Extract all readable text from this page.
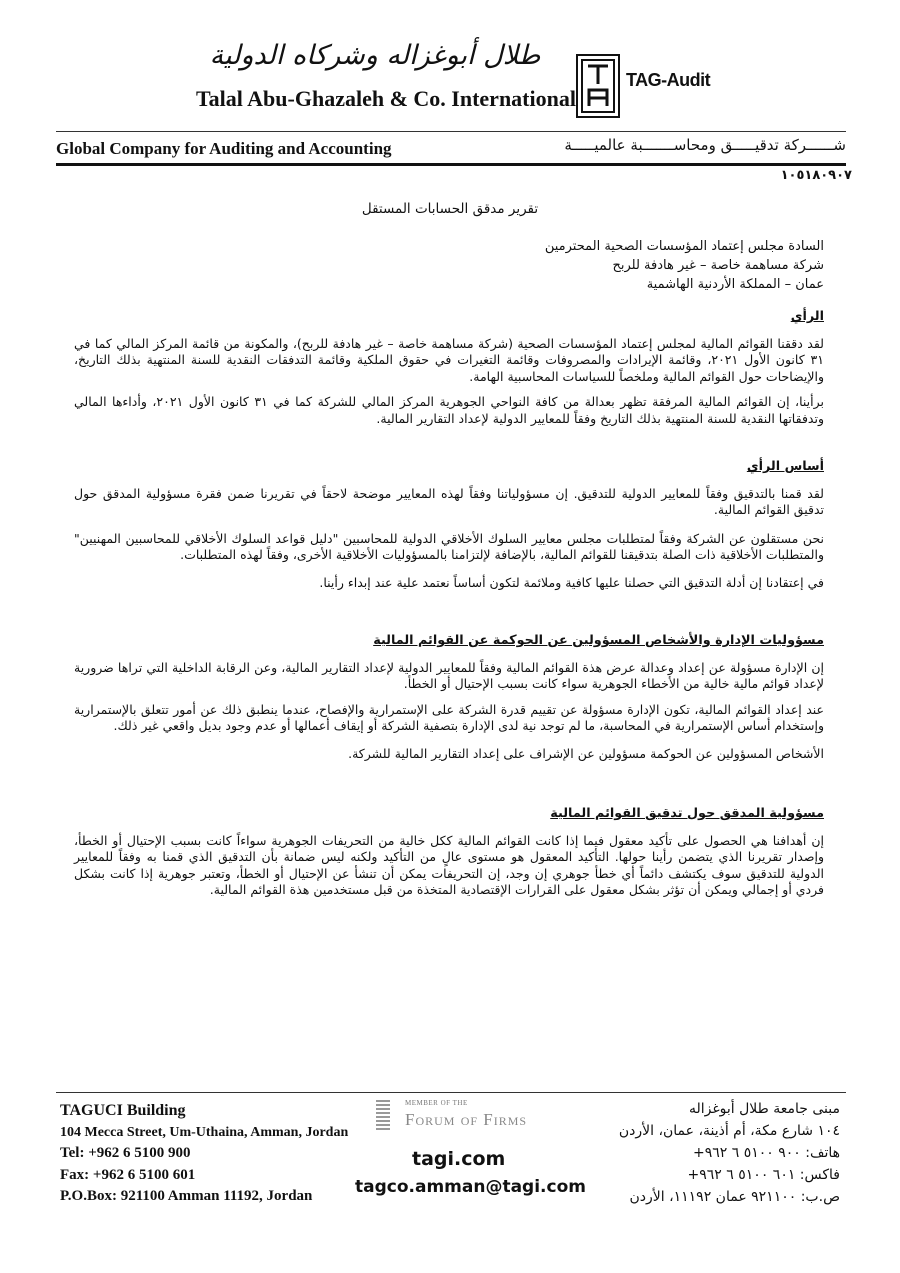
طلال أبوغزاله وشركاه الدولية
Talal Abu-Ghazaleh & Co. International
TAG-Audit
Global Company for Auditing and Accounting	شــــــركة تدقيـــــق ومحاســـــــبة عالميـــــة
١٠٥١٨٠٩٠٧
تقرير مدقق الحسابات المستقل
السادة مجلس إعتماد المؤسسات الصحية المحترمين
شركة مساهمة خاصة – غير هادفة للربح
عمان – المملكة الأردنية الهاشمية
الرأي

لقد دققنا القوائم المالية لمجلس إعتماد المؤسسات الصحية (شركة مساهمة خاصة – غير هادفة للربح)، والمكونة من قائمة المركز المالي كما في ٣١ كانون الأول ٢٠٢١، وقائمة الإيرادات والمصروفات وقائمة التغيرات في حقوق الملكية وقائمة التدفقات النقدية للسنة المنتهية بذلك التاريخ، والإيضاحات حول القوائم المالية وملخصاً للسياسات المحاسبية الهامة.

برأينا، إن القوائم المالية المرفقة تظهر بعدالة من كافة النواحي الجوهرية المركز المالي للشركة كما في ٣١ كانون الأول ٢٠٢١، وأداءها المالي وتدفقاتها النقدية للسنة المنتهية بذلك التاريخ وفقاً للمعايير الدولية لإعداد التقارير المالية.

أساس الرأي

لقد قمنا بالتدقيق وفقاً للمعايير الدولية للتدقيق. إن مسؤولياتنا وفقاً لهذه المعايير موضحة لاحقاً في تقريرنا ضمن فقرة مسؤولية المدقق حول تدقيق القوائم المالية.

نحن مستقلون عن الشركة وفقاً لمتطلبات مجلس معايير السلوك الأخلاقي الدولية للمحاسبين "دليل قواعد السلوك الأخلاقي للمحاسبين المهنيين" والمتطلبات الأخلاقية ذات الصلة بتدقيقنا للقوائم المالية، بالإضافة لإلتزامنا بالمسؤوليات الأخلاقية الأخرى، وفقاً لهذه المتطلبات.

في إعتقادنا إن أدلة التدقيق التي حصلنا عليها كافية وملائمة لتكون أساساً نعتمد علية عند إبداء رأينا.

مسؤوليات الإدارة والأشخاص المسؤولين عن الحوكمة عن القوائم المالية

إن الإدارة مسؤولة عن إعداد وعدالة عرض هذة القوائم المالية وفقاً للمعايير الدولية لإعداد التقارير المالية، وعن الرقابة الداخلية التي تراها ضرورية لإعداد قوائم مالية خالية من الأخطاء الجوهرية سواء كانت بسبب الإحتيال أو الخطأ.

عند إعداد القوائم المالية، تكون الإدارة مسؤولة عن تقييم قدرة الشركة على الإستمرارية والإفصاح، عندما ينطبق ذلك عن أمور تتعلق بالإستمرارية وإستخدام أساس الإستمرارية في المحاسبة، ما لم توجد نية لدى الإدارة بتصفية الشركة أو إيقاف أعمالها أو عدم وجود بديل واقعي غير ذلك.

الأشخاص المسؤولين عن الحوكمة مسؤولين عن الإشراف على إعداد التقارير المالية للشركة.

مسؤولية المدقق حول تدقيق القوائم المالية

إن أهدافنا هي الحصول على تأكيد معقول فيما إذا كانت القوائم المالية ككل خالية من التحريفات الجوهرية سواءاً كانت بسبب الإحتيال أو الخطأ، وإصدار تقريرنا الذي يتضمن رأينا حولها. التأكيد المعقول هو مستوى عالٍ من التأكيد ولكنه ليس ضمانة بأن التدقيق الذي قمنا به وفقاً للمعايير الدولية للتدقيق سوف يكتشف دائماً أي خطأ جوهري إن وجد، إن التحريفات يمكن أن تنشأ عن الإحتيال أو الخطأ، وتعتبر جوهرية إذا كانت بشكل فردي أو إجمالي ويمكن أن تؤثر بشكل معقول على القرارات الإقتصادية المتخذة من قبل مستخدمين هذة القوائم المالية.

TAGUCI Building
104 Mecca Street, Um-Uthaina, Amman, Jordan
Tel: +962 6 5100 900
Fax: +962 6 5100 601
P.O.Box: 921100 Amman 11192, Jordan
MEMBER OF THE
Forum of Firms
tagi.com
tagco.amman@tagi.com
مبنى جامعة طلال أبوغزاله
١٠٤ شارع مكة، أم أذينة، عمان، الأردن
هاتف: ٩٠٠ ٥١٠٠ ٦ ٩٦٢+
فاكس: ٦٠١ ٥١٠٠ ٦ ٩٦٢+
ص.ب: ٩٢١١٠٠ عمان ١١١٩٢، الأردن
